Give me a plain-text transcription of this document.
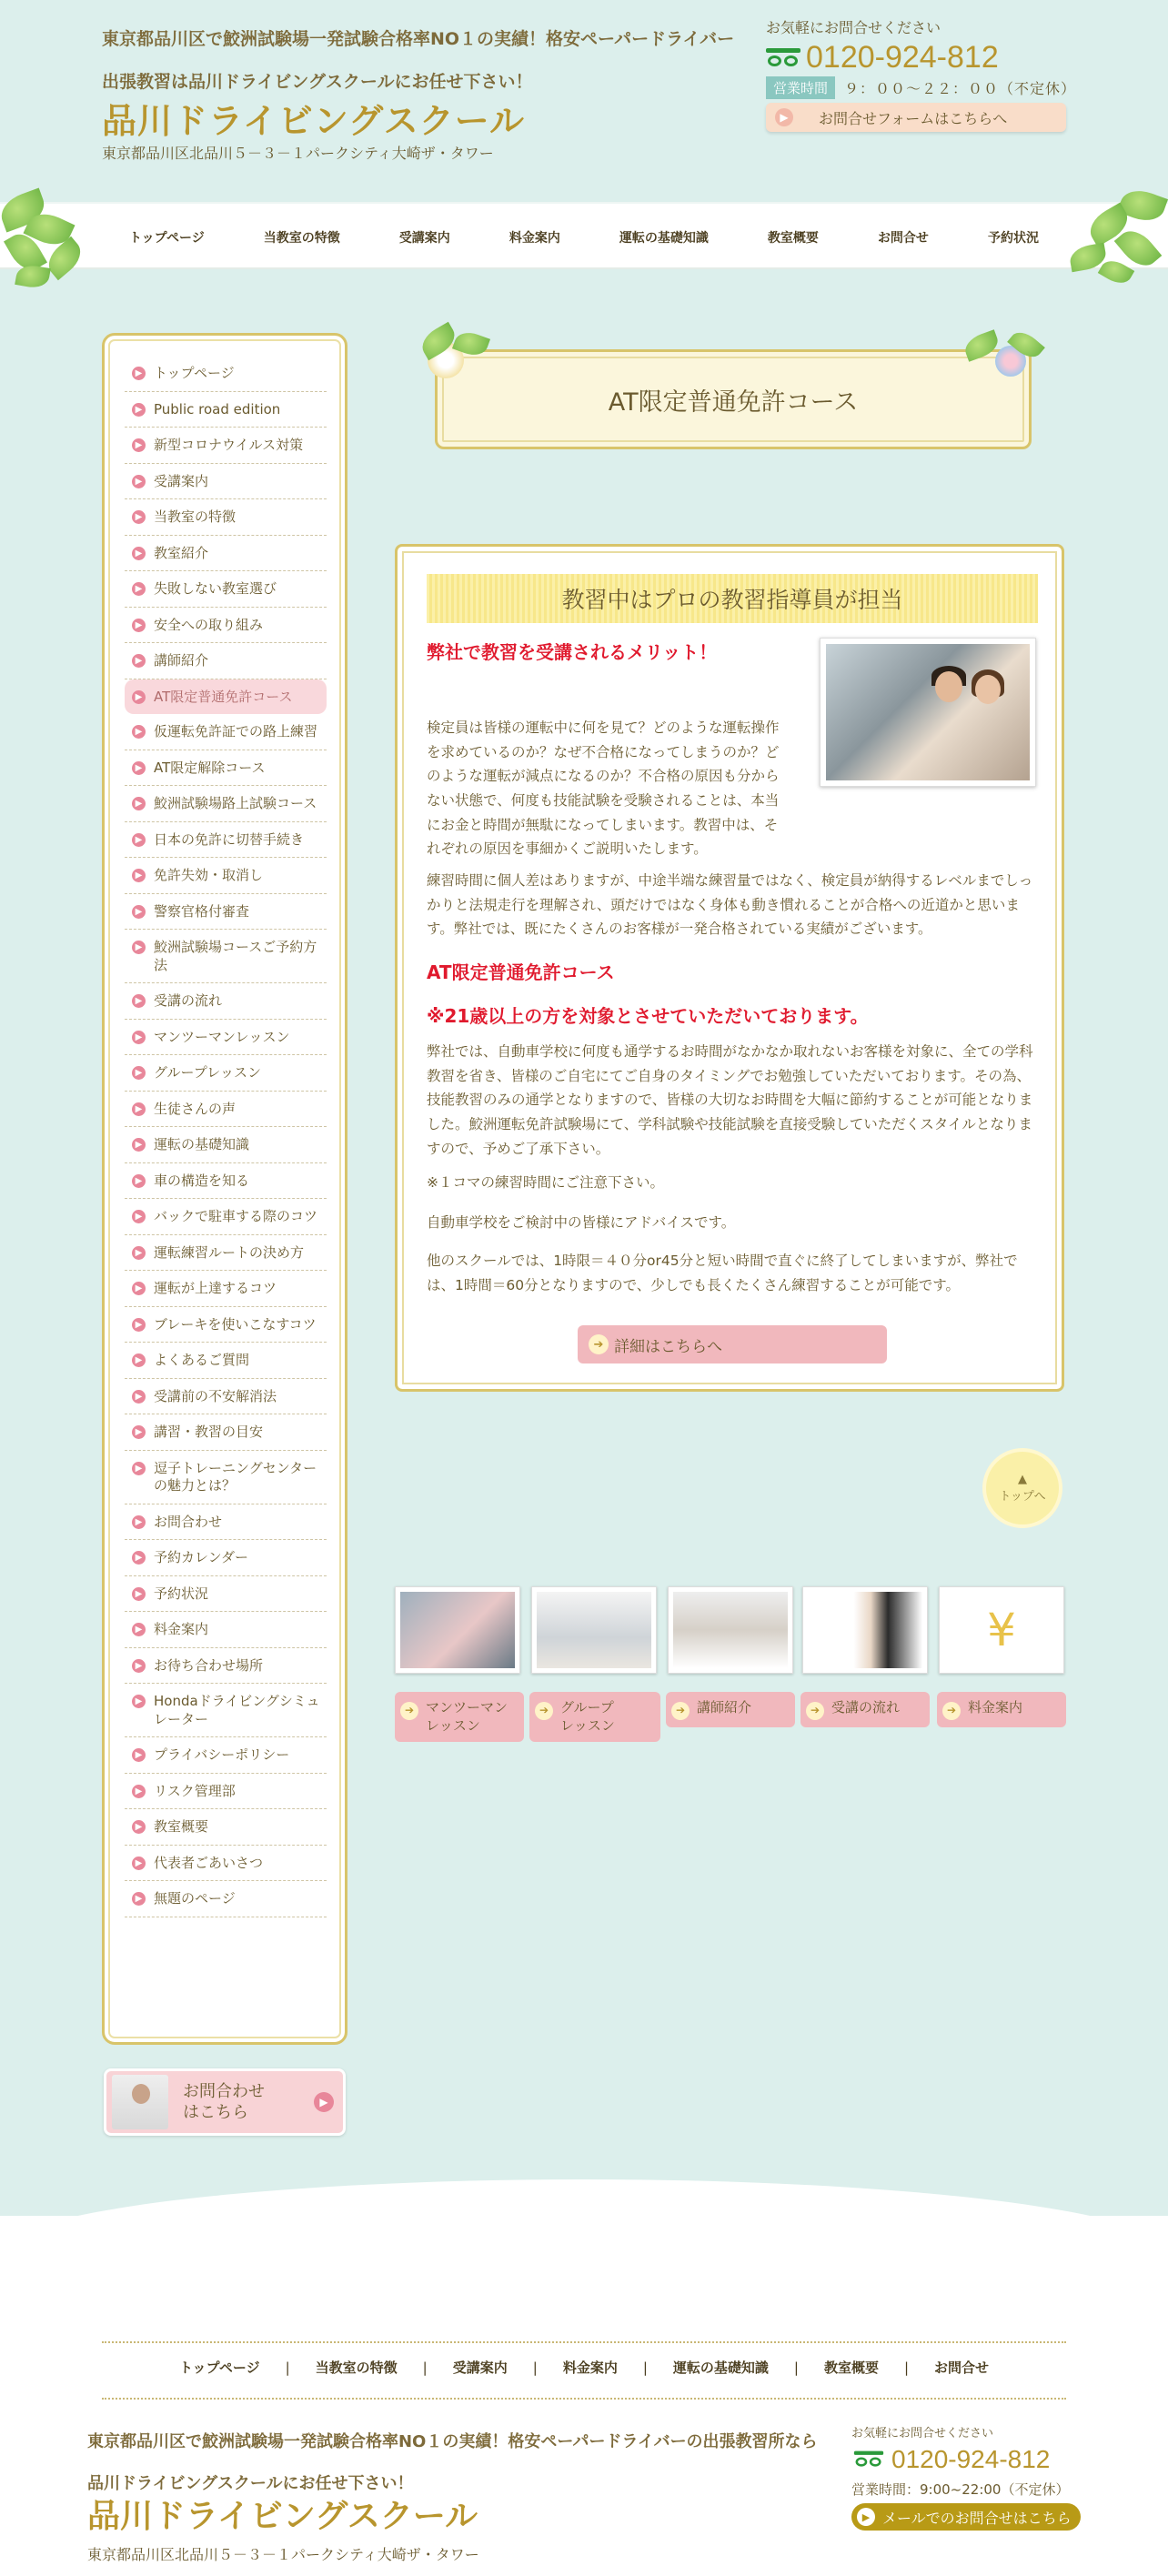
東京都品川区で鮫洲試験場一発試験合格率NO１の実績！格安ペーパードライバー
出張教習は品川ドライビングスクールにお任せ下さい！
品川ドライビングスクール
東京都品川区北品川５－３－１パークシティ大崎ザ・タワー
お気軽にお問合せください
0120-924-812
営業時間	９：００～２２：００（不定休）
▶	お問合せフォームはこちらへ
トップページ	当教室の特徴	受講案内	料金案内	運転の基礎知識	教室概要	お問合せ	予約状況
▶ トップページ
▶ Public road edition
▶ 新型コロナウイルス対策
▶ 受講案内
▶ 当教室の特徴
▶ 教室紹介
▶ 失敗しない教室選び
▶ 安全への取り組み
▶ 講師紹介
▶ AT限定普通免許コース
▶ 仮運転免許証での路上練習
▶ AT限定解除コース
▶ 鮫洲試験場路上試験コース
▶ 日本の免許に切替手続き
▶ 免許失効・取消し
▶ 警察官格付審査
▶ 鮫洲試験場コースご予約方法
▶ 受講の流れ
▶ マンツーマンレッスン
▶ グループレッスン
▶ 生徒さんの声
▶ 運転の基礎知識
▶ 車の構造を知る
▶ バックで駐車する際のコツ
▶ 運転練習ルートの決め方
▶ 運転が上達するコツ
▶ ブレーキを使いこなすコツ
▶ よくあるご質問
▶ 受講前の不安解消法
▶ 講習・教習の目安
▶ 逗子トレーニングセンターの魅力とは？
▶ お問合わせ
▶ 予約カレンダー
▶ 予約状況
▶ 料金案内
▶ お待ち合わせ場所
▶ Hondaドライビングシミュレーター
▶ プライバシーポリシー
▶ リスク管理部
▶ 教室概要
▶ 代表者ごあいさつ
▶ 無題のページ
お問合わせ
はこちら
▶
AT限定普通免許コース
教習中はプロの教習指導員が担当
弊社で教習を受講されるメリット！
検定員は皆様の運転中に何を見て？どのような運転操作を求めているのか？なぜ不合格になってしまうのか？どのような運転が減点になるのか？不合格の原因も分からない状態で、何度も技能試験を受験されることは、本当にお金と時間が無駄になってしまいます。教習中は、それぞれの原因を事細かくご説明いたします。
練習時間に個人差はありますが、中途半端な練習量ではなく、検定員が納得するレベルまでしっかりと法規走行を理解され、頭だけではなく身体も動き慣れることが合格への近道かと思います。弊社では、既にたくさんのお客様が一発合格されている実績がございます。
AT限定普通免許コース
※21歳以上の方を対象とさせていただいております。
弊社では、自動車学校に何度も通学するお時間がなかなか取れないお客様を対象に、全ての学科教習を省き、皆様のご自宅にてご自身のタイミングでお勉強していただいております。その為、技能教習のみの通学となりますので、皆様の大切なお時間を大幅に節約することが可能となりました。鮫洲運転免許試験場にて、学科試験や技能試験を直接受験していただくスタイルとなりますので、予めご了承下さい。
※１コマの練習時間にご注意下さい。
自動車学校をご検討中の皆様にアドバイスです。
他のスクールでは、1時限＝４０分or45分と短い時間で直ぐに終了してしまいますが、弊社では、1時間＝60分となりますので、少しでも長くたくさん練習することが可能です。
➔ 詳細はこちらへ
▲
トップへ
¥
➔ マンツーマン
レッスン
➔ グループ
レッスン
➔ 講師紹介	➔ 受講の流れ	➔ 料金案内
トップページ | 当教室の特徴 | 受講案内 | 料金案内 | 運転の基礎知識 | 教室概要 | お問合せ
東京都品川区で鮫洲試験場一発試験合格率NO１の実績！格安ペーパードライバーの出張教習所なら
品川ドライビングスクールにお任せ下さい！
品川ドライビングスクール
東京都品川区北品川５－３－１パークシティ大崎ザ・タワー
お気軽にお問合せください
0120-924-812
営業時間：9:00~22:00（不定休）
▶ メールでのお問合せはこちら
